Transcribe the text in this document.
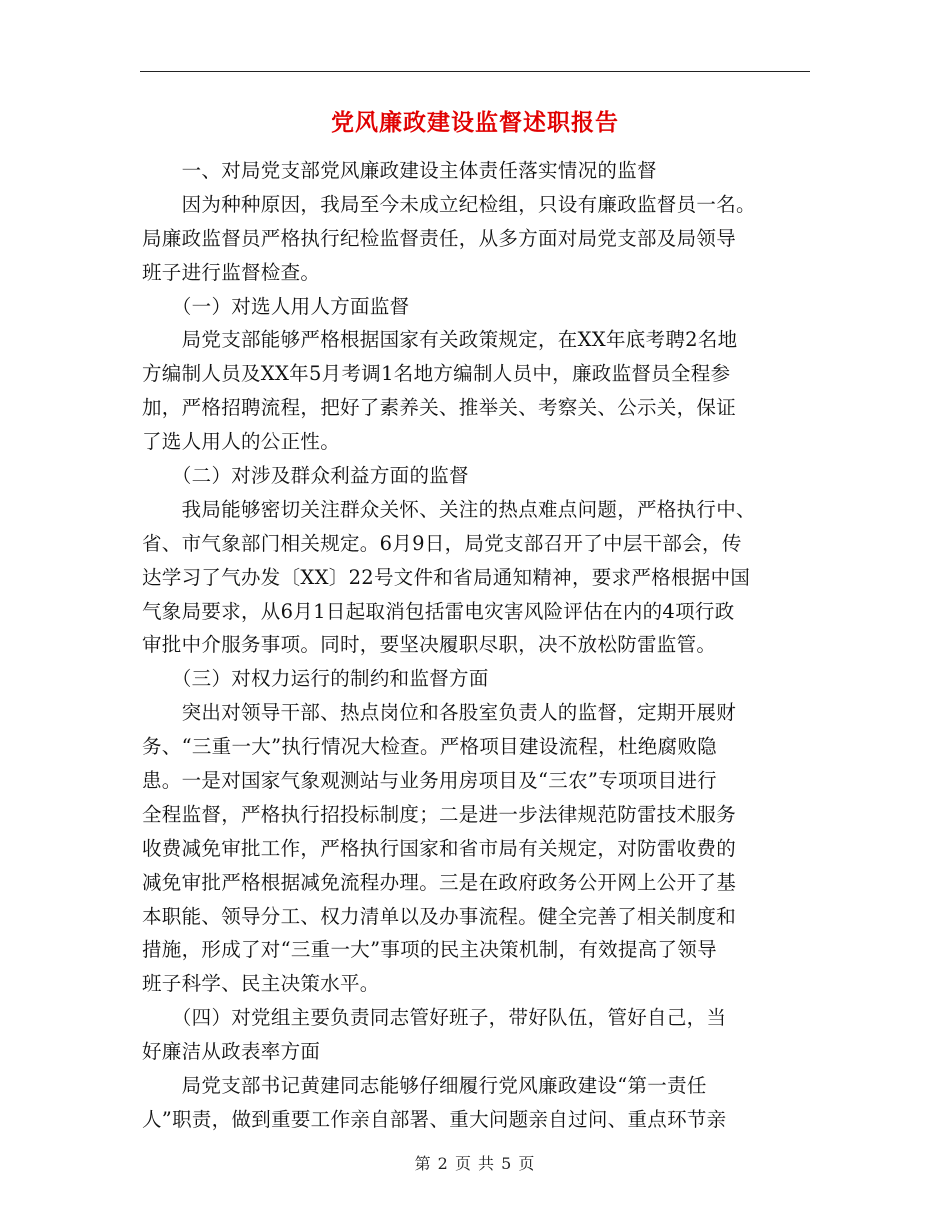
党风廉政建设监督述职报告
　　一、对局党支部党风廉政建设主体责任落实情况的监督
　　因为种种原因，我局至今未成立纪检组，只设有廉政监督员一名。
局廉政监督员严格执行纪检监督责任，从多方面对局党支部及局领导
班子进行监督检查。
　　（一）对选人用人方面监督
　　局党支部能够严格根据国家有关政策规定，在XX年底考聘2名地
方编制人员及XX年5月考调1名地方编制人员中，廉政监督员全程参
加，严格招聘流程，把好了素养关、推举关、考察关、公示关，保证
了选人用人的公正性。
　　（二）对涉及群众利益方面的监督
　　我局能够密切关注群众关怀、关注的热点难点问题，严格执行中、
省、市气象部门相关规定。6月9日，局党支部召开了中层干部会，传
达学习了气办发〔XX〕22号文件和省局通知精神，要求严格根据中国
气象局要求，从6月1日起取消包括雷电灾害风险评估在内的4项行政
审批中介服务事项。同时，要坚决履职尽职，决不放松防雷监管。
　　（三）对权力运行的制约和监督方面
　　突出对领导干部、热点岗位和各股室负责人的监督，定期开展财
务、“三重一大”执行情况大检查。严格项目建设流程，杜绝腐败隐
患。一是对国家气象观测站与业务用房项目及“三农”专项项目进行
全程监督，严格执行招投标制度；二是进一步法律规范防雷技术服务
收费减免审批工作，严格执行国家和省市局有关规定，对防雷收费的
减免审批严格根据减免流程办理。三是在政府政务公开网上公开了基
本职能、领导分工、权力清单以及办事流程。健全完善了相关制度和
措施，形成了对“三重一大”事项的民主决策机制，有效提高了领导
班子科学、民主决策水平。
　　（四）对党组主要负责同志管好班子，带好队伍，管好自己，当
好廉洁从政表率方面
　　局党支部书记黄建同志能够仔细履行党风廉政建设“第一责任
人”职责，做到重要工作亲自部署、重大问题亲自过问、重点环节亲
第 2 页 共 5 页
